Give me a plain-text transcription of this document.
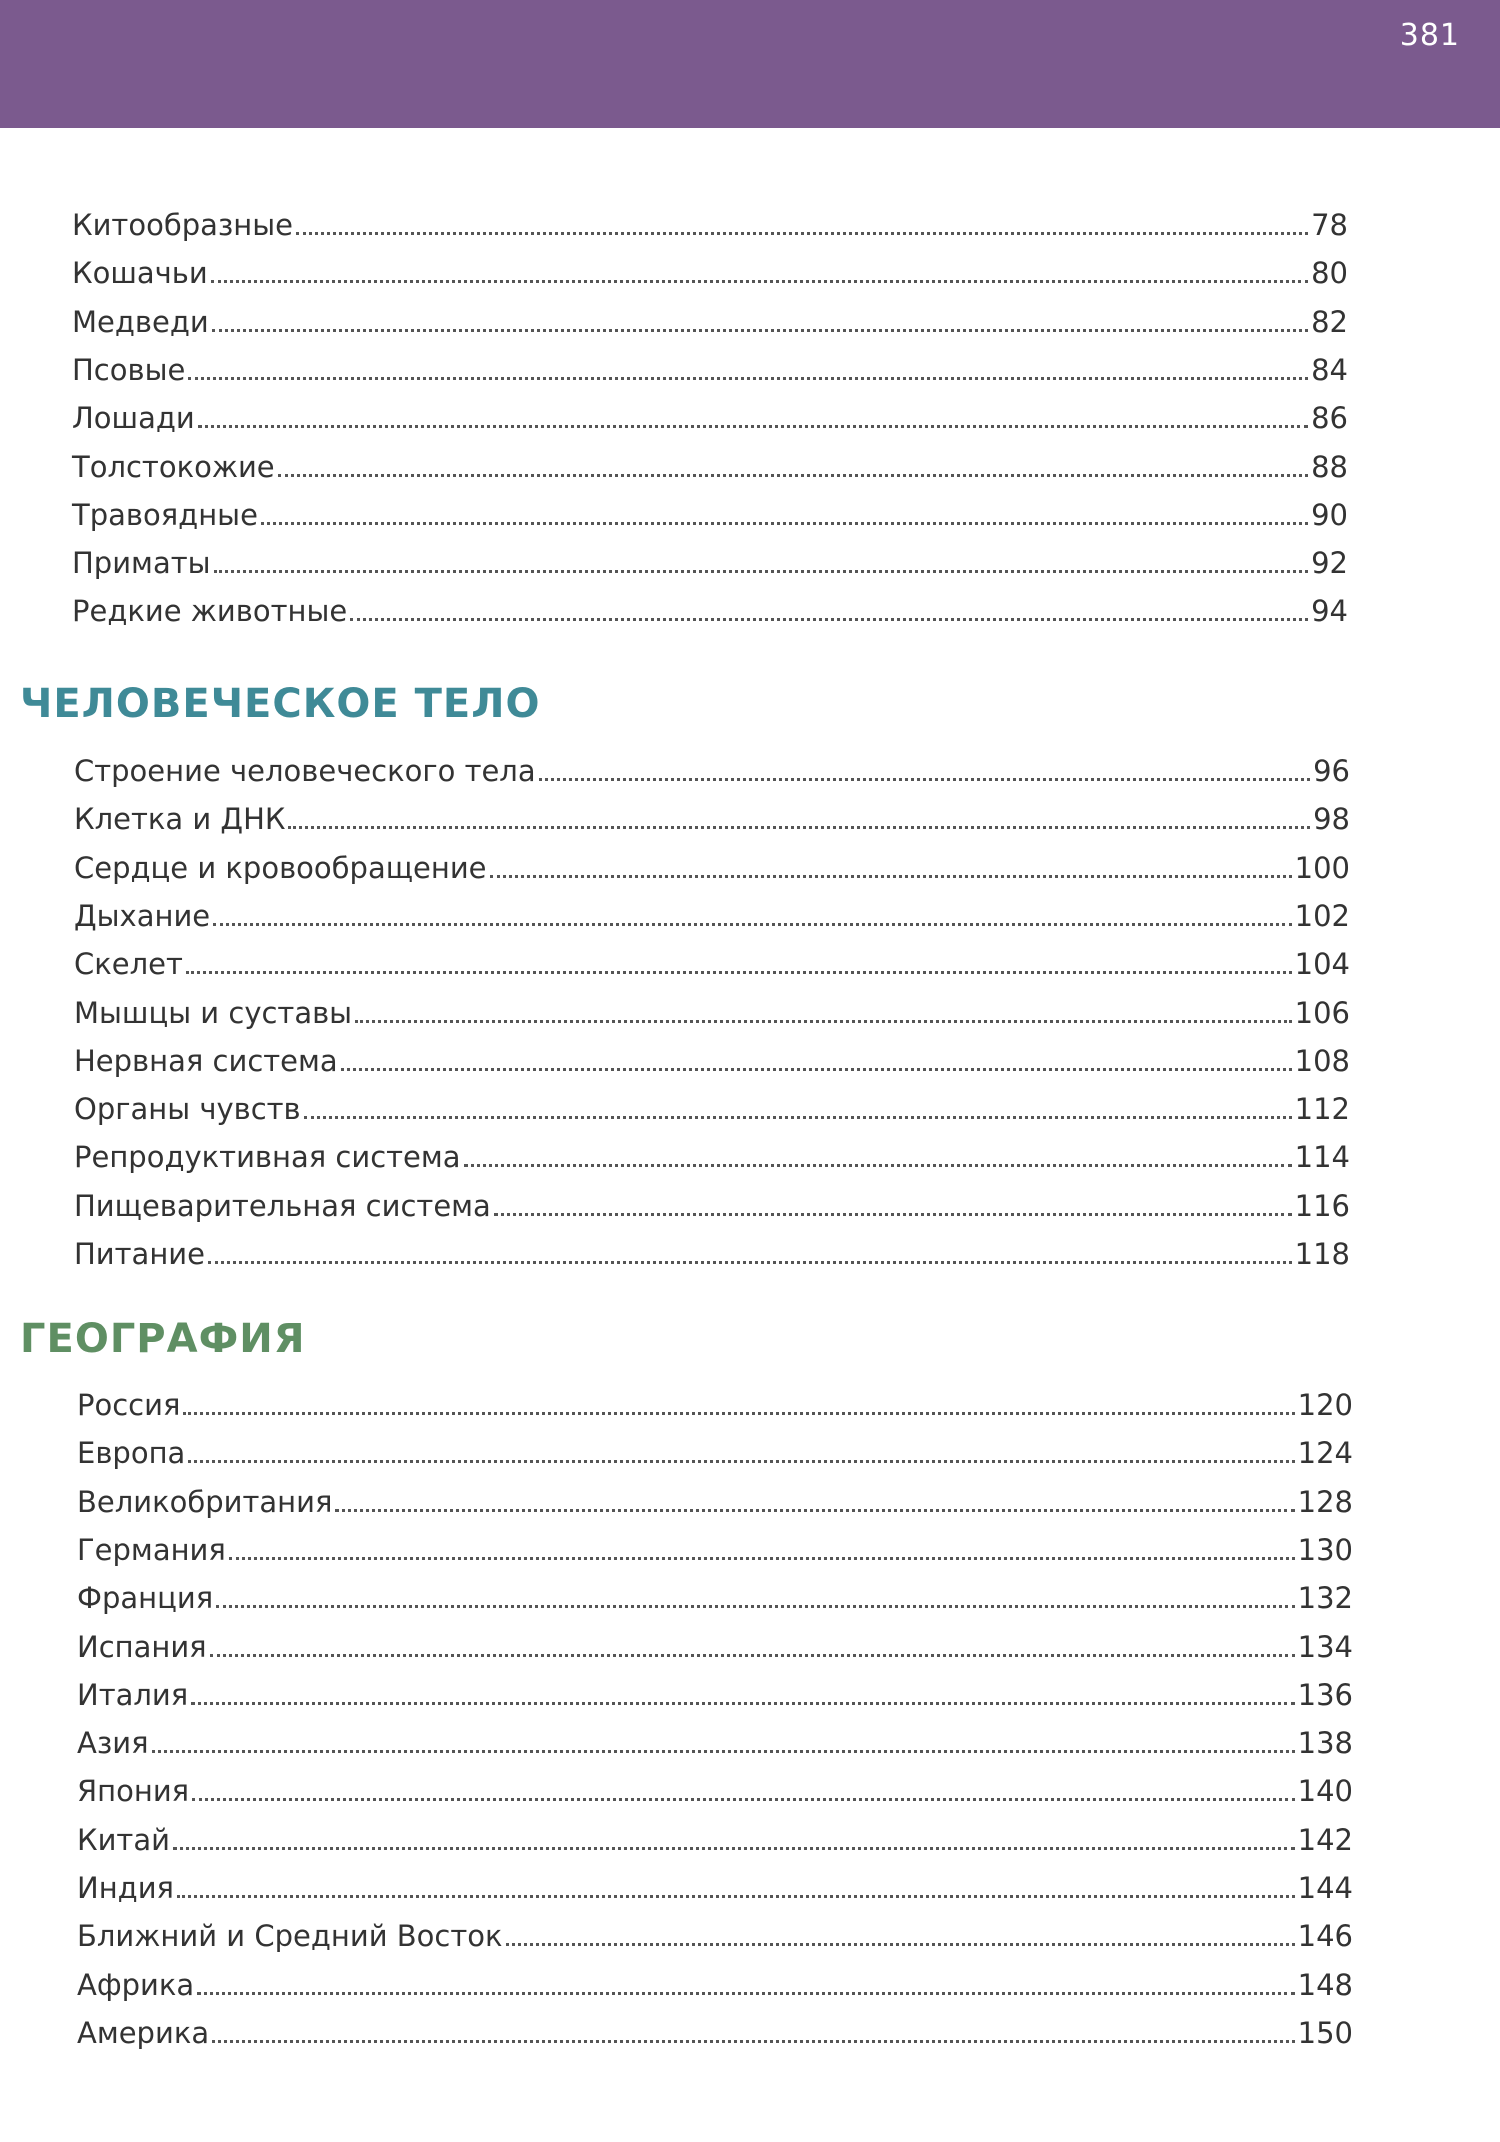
381
Китообразные	78
Кошачьи	80
Медведи	82
Псовые	84
Лошади	86
Толстокожие	88
Травоядные	90
Приматы	92
Редкие животные	94
ЧЕЛОВЕЧЕСКОЕ ТЕЛО
Строение человеческого тела	96
Клетка и ДНК	98
Сердце и кровообращение	100
Дыхание	102
Скелет	104
Мышцы и суставы	106
Нервная система	108
Органы чувств	112
Репродуктивная система	114
Пищеварительная система	116
Питание	118
ГЕОГРАФИЯ
Россия	120
Европа	124
Великобритания	128
Германия	130
Франция	132
Испания	134
Италия	136
Азия	138
Япония	140
Китай	142
Индия	144
Ближний и Средний Восток	146
Африка	148
Америка	150
